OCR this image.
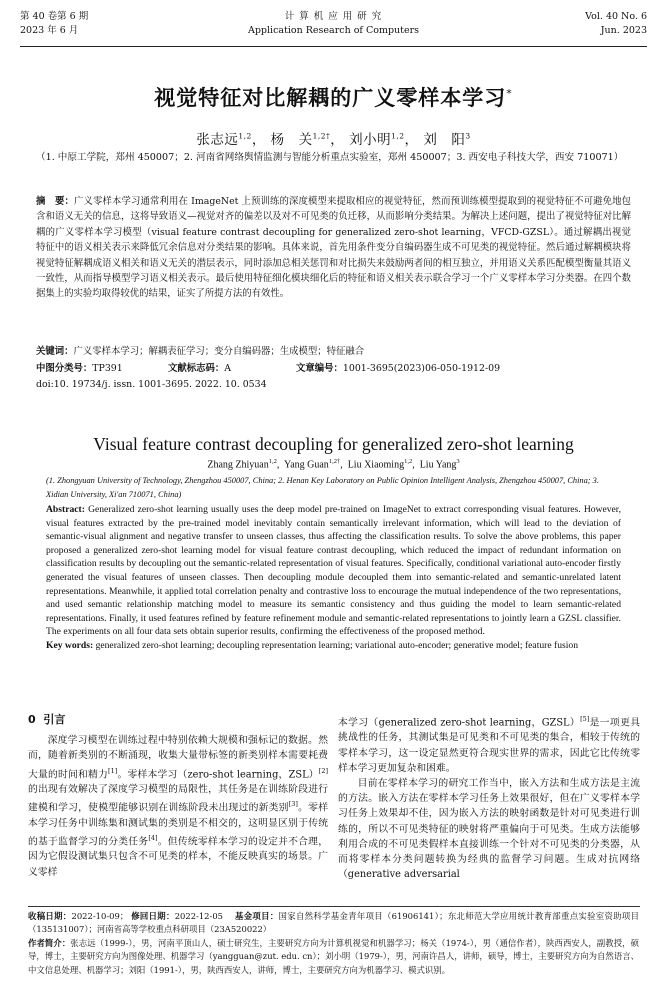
第 40 卷第 6 期
2023 年 6 月
计 算 机 应 用 研 究
Application Research of Computers
Vol. 40 No. 6
Jun. 2023
视觉特征对比解耦的广义零样本学习*
张志远$^{1,2}$， 杨　关$^{1,2\dagger}$， 刘小明$^{1,2}$， 刘　阳$^3$
（1. 中原工学院，郑州 450007；2. 河南省网络舆情监测与智能分析重点实验室，郑州 450007；3. 西安电子科技大学，西安 710071）
摘　要：广义零样本学习通常利用在 ImageNet 上预训练的深度模型来提取相应的视觉特征，然而预训练模型提取到的视觉特征不可避免地包含和语义无关的信息，这将导致语义—视觉对齐的偏差以及对不可见类的负迁移，从而影响分类结果。为解决上述问题，提出了视觉特征对比解耦的广义零样本学习模型（visual feature contrast decoupling for generalized zero-shot learning，VFCD-GZSL）。通过解耦出视觉特征中的语义相关表示来降低冗余信息对分类结果的影响。具体来说，首先用条件变分自编码器生成不可见类的视觉特征。然后通过解耦模块将视觉特征解耦成语义相关和语义无关的潜层表示，同时添加总相关惩罚和对比损失来鼓励两者间的相互独立，并用语义关系匹配模型衡量其语义一致性，从而指导模型学习语义相关表示。最后使用特征细化模块细化后的特征和语义相关表示联合学习一个广义零样本学习分类器。在四个数据集上的实验均取得较优的结果，证实了所提方法的有效性。
关键词：广义零样本学习；解耦表征学习；变分自编码器；生成模型；特征融合
中图分类号：TP391	文献标志码：A	文章编号：1001-3695(2023)06-050-1912-09
doi:10. 19734/j. issn. 1001-3695. 2022. 10. 0534
Visual feature contrast decoupling for generalized zero-shot learning
Zhang Zhiyuan$^{1,2}$,  Yang Guan$^{1,2\dagger}$,  Liu Xiaoming$^{1,2}$,  Liu Yang$^3$
(1. Zhongyuan University of Technology, Zhengzhou 450007, China; 2. Henan Key Laboratory on Public Opinion Intelligent Analysis, Zhengzhou 450007, China; 3. Xidian University, Xi'an 710071, China)
Abstract: Generalized zero-shot learning usually uses the deep model pre-trained on ImageNet to extract corresponding visual features. However, visual features extracted by the pre-trained model inevitably contain semantically irrelevant information, which will lead to the deviation of semantic-visual alignment and negative transfer to unseen classes, thus affecting the classification results. To solve the above problems, this paper proposed a generalized zero-shot learning model for visual feature contrast decoupling, which reduced the impact of redundant information on classification results by decoupling out the semantic-related representation of visual features. Specifically, conditional variational auto-encoder firstly generated the visual features of unseen classes. Then decoupling module decoupled them into semantic-related and semantic-unrelated latent representations. Meanwhile, it applied total correlation penalty and contrastive loss to encourage the mutual independence of the two representations, and used semantic relationship matching model to measure its semantic consistency and thus guiding the model to learn semantic-related representations. Finally, it used features refined by feature refinement module and semantic-related representations to jointly learn a GZSL classifier. The experiments on all four data sets obtain superior results, confirming the effectiveness of the proposed method.
Key words: generalized zero-shot learning; decoupling representation learning; variational auto-encoder; generative model; feature fusion
0 引言
深度学习模型在训练过程中特别依赖大规模和强标记的数据。然而，随着新类别的不断涌现，收集大量带标签的新类别样本需要耗费大量的时间和精力[1]。零样本学习（zero-shot learning，ZSL）[2]的出现有效解决了深度学习模型的局限性，其任务是在训练阶段进行建模和学习，使模型能够识别在训练阶段未出现过的新类别[3]。零样本学习任务中训练集和测试集的类别是不相交的，这明显区别于传统的基于监督学习的分类任务[4]。但传统零样本学习的设定并不合理，因为它假设测试集只包含不可见类的样本，不能反映真实的场景。广义零样
本学习（generalized zero-shot learning，GZSL）[5]是一项更具挑战性的任务，其测试集是可见类和不可见类的集合，相较于传统的零样本学习，这一设定显然更符合现实世界的需求，因此它比传统零样本学习更加复杂和困难。
目前在零样本学习的研究工作当中，嵌入方法和生成方法是主流的方法。嵌入方法在零样本学习任务上效果很好，但在广义零样本学习任务上效果却不佳，因为嵌入方法的映射函数是针对可见类进行训练的，所以不可见类特征的映射将严重偏向于可见类。生成方法能够利用合成的不可见类假样本直接训练一个针对不可见类的分类器，从而将零样本分类问题转换为经典的监督学习问题。生成对抗网络（generative adversarial
收稿日期：2022-10-09； 修回日期：2022-12-05　 基金项目：国家自然科学基金青年项目（61906141）；东北师范大学应用统计教育部重点实验室资助项目（135131007）；河南省高等学校重点科研项目（23A520022）
作者简介：张志远（1999-），男，河南平顶山人，硕士研究生，主要研究方向为计算机视觉和机器学习；杨关（1974-），男（通信作者），陕西西安人，副教授，硕导，博士，主要研究方向为图像处理、机器学习（yangguan@zut. edu. cn）；刘小明（1979-），男，河南许昌人，讲师，硕导，博士，主要研究方向为自然语言、中文信息处理、机器学习；刘阳（1991-），男，陕西西安人，讲师，博士，主要研究方向为机器学习、模式识别。
